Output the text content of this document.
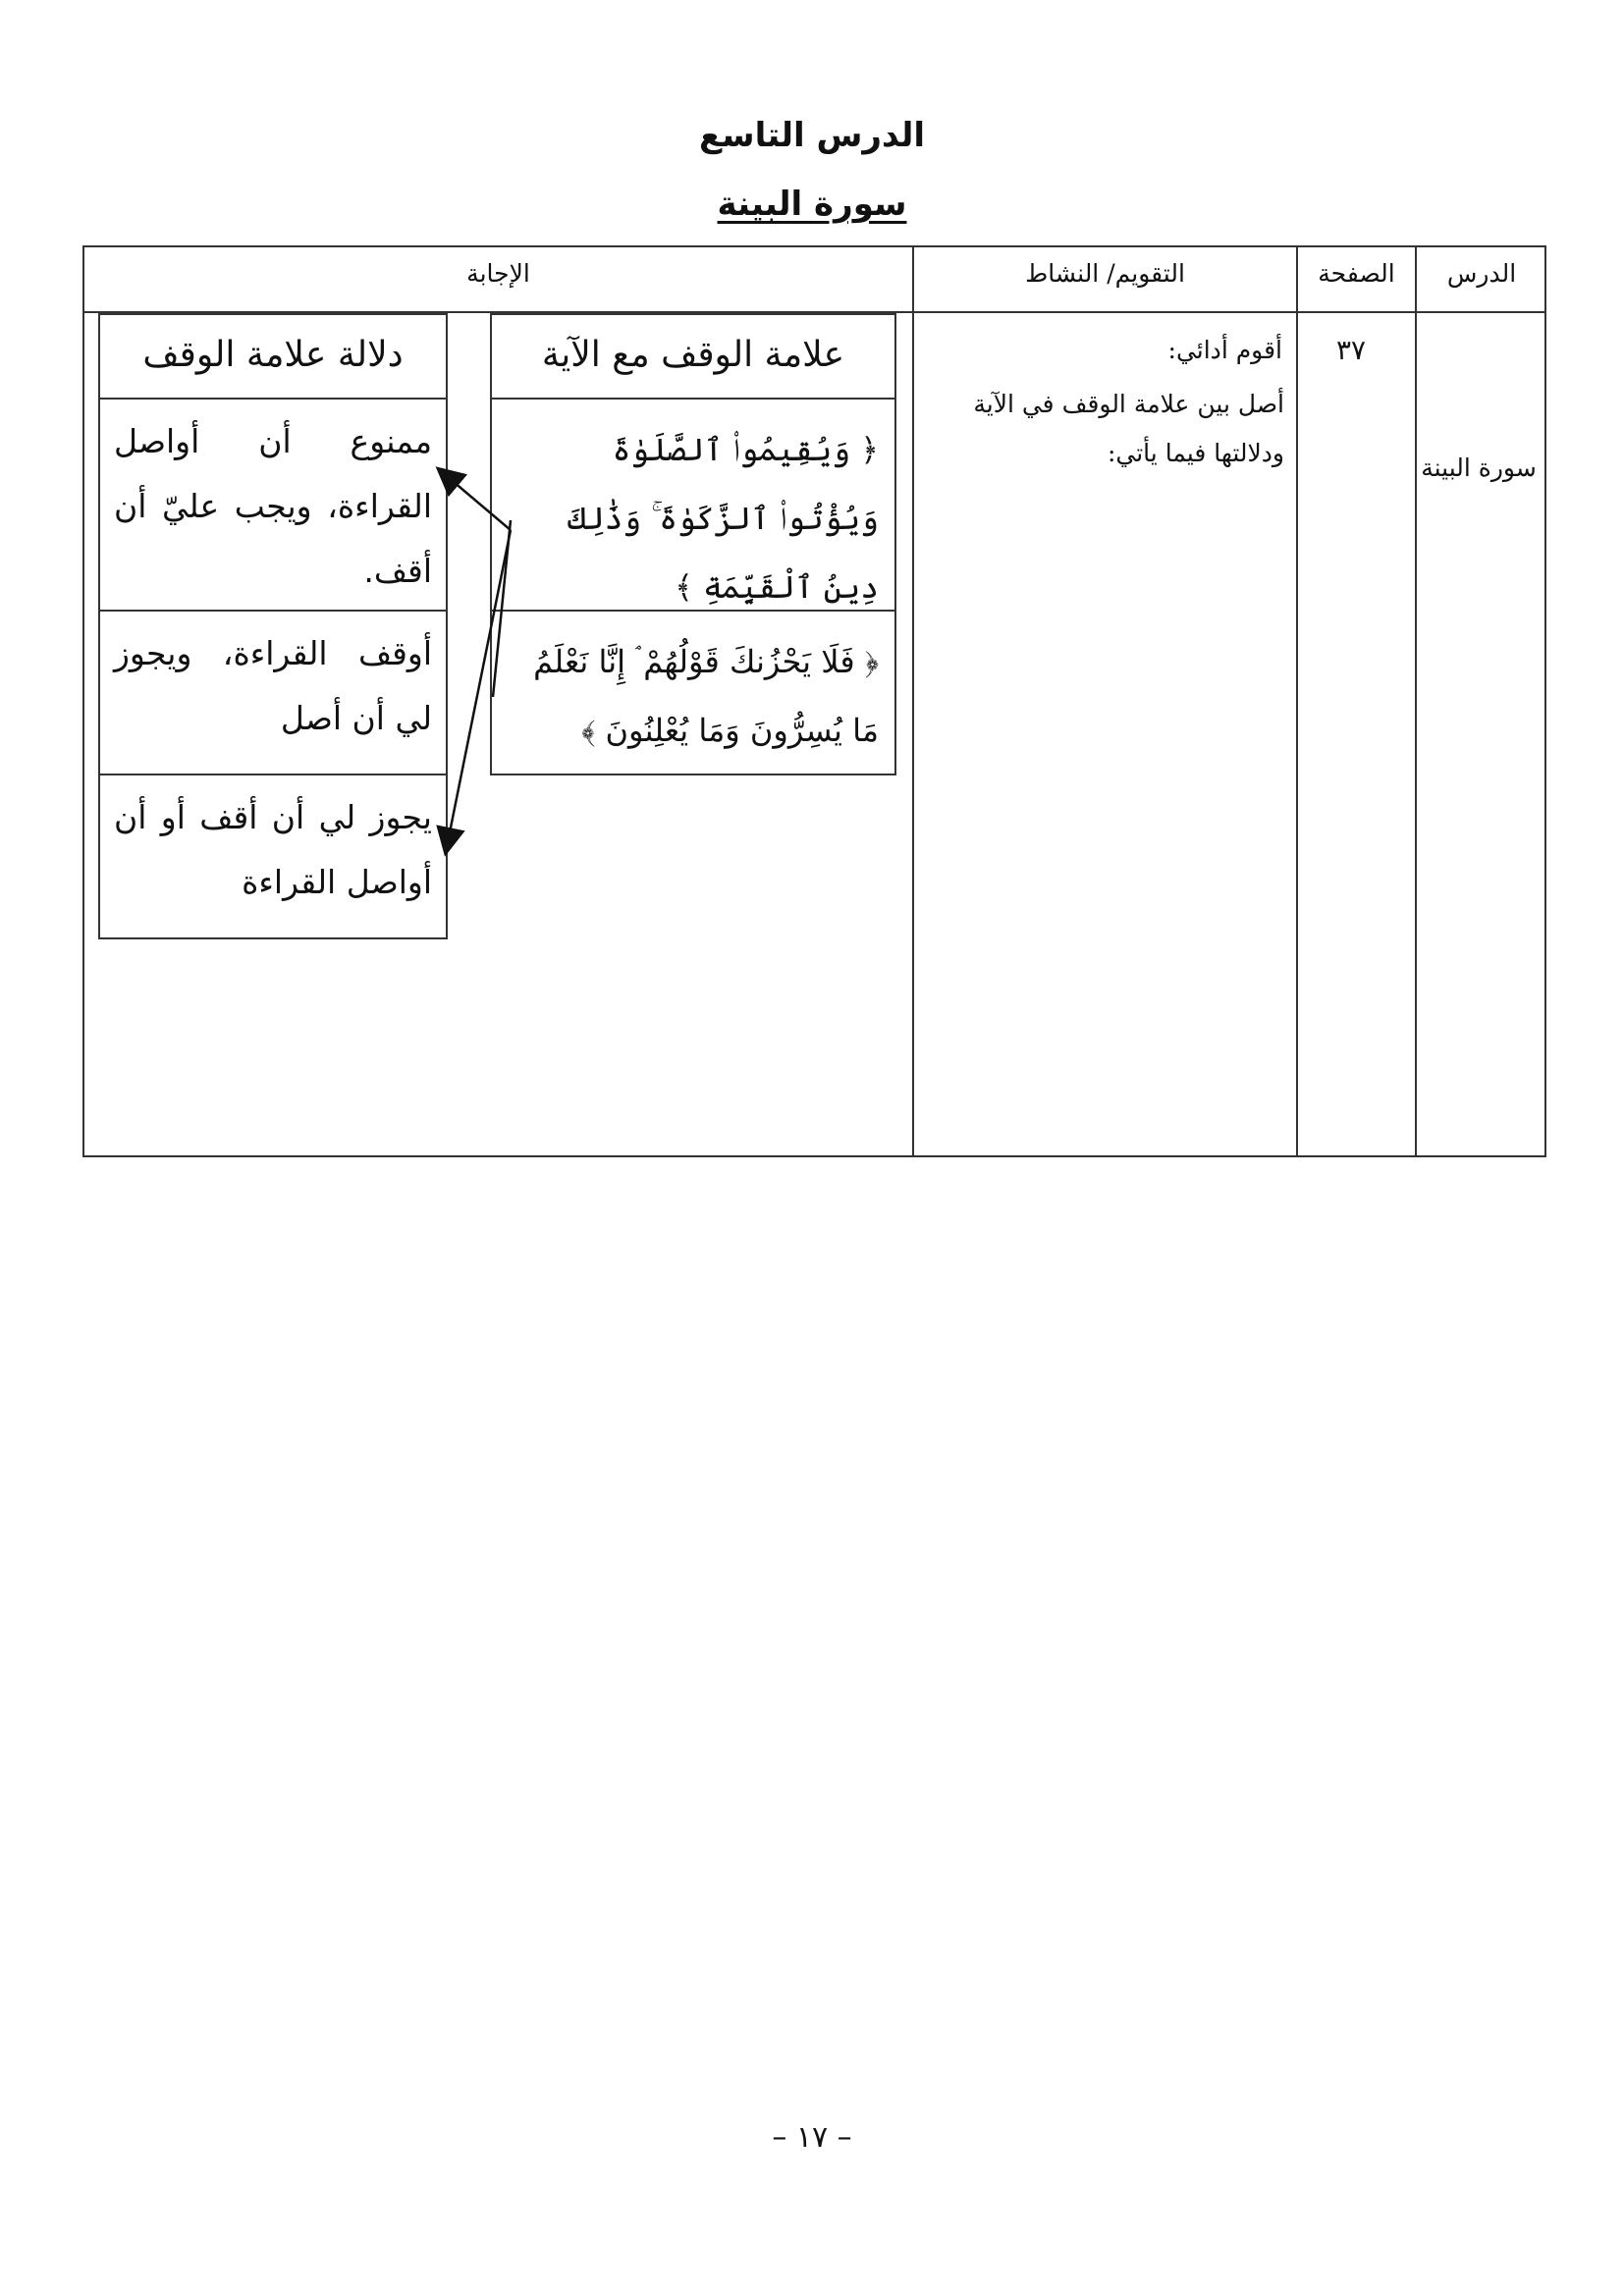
الدرس التاسع
سورة البينة
الدرس
الصفحة
التقويم/ النشاط
الإجابة
سورة البينة
٣٧
أقوم أدائي:
أصل بين علامة الوقف في الآية ودلالتها فيما يأتي:
علامة الوقف مع الآية
﴿ وَيُقِيمُوا۟ ٱلصَّلَوٰةَ وَيُؤْتُوا۟ ٱلزَّكَوٰةَ ۚ وَذَٰلِكَ دِينُ ٱلْقَيِّمَةِ ﴾
﴿ فَلَا يَحْزُنكَ قَوْلُهُمْ ۘ إِنَّا نَعْلَمُ مَا يُسِرُّونَ وَمَا يُعْلِنُونَ ﴾
دلالة علامة الوقف
ممنوع أن أواصل القراءة، ويجب عليّ أن أقف.
أوقف القراءة، ويجوز لي أن أصل
يجوز لي أن أقف أو أن أواصل القراءة
– ١٧ –
